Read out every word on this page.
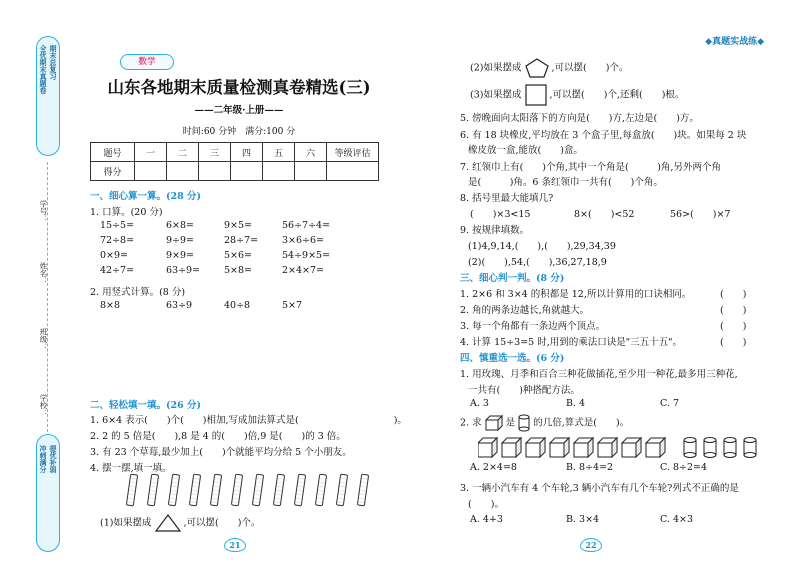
期末总复习
全优期末真题卷
学号：
姓名：
班级：
学校：
提优补弱
冲刺满分
◆真题实战练◆
数学
山东各地期末质量检测真卷精选(三)
——二年级·上册——
时间:60 分钟　满分:100 分
题号	一	二	三	四	五	六	等级评估
得分							
一、细心算一算。(28 分)
1. 口算。(20 分)
15÷5=	6×8=	9×5=	56÷7÷4=
72÷8=	9÷9=	28÷7=	3×6÷6=
0×9=	9×9=	5×6=	54÷9×5=
42÷7=	63÷9=	5×8=	2×4×7=
2. 用竖式计算。(8 分)
8×8	63÷9	40÷8	5×7
二、轻松填一填。(26 分)
1. 6×4 表示(　　)个(　　)相加,写成加法算式是(　　　　　　　　　　)。
2. 2 的 5 倍是(　　),8 是 4 的(　　)倍,9 是(　　)的 3 倍。
3. 有 23 个草莓,最少加上(　　)个就能平均分给 5 个小朋友。
4. 摆一摆,填一填。
(1)如果摆成	,可以摆(　　)个。
21
(2)如果摆成	,可以摆(　　)个。
(3)如果摆成	,可以摆(　　)个,还剩(　　)根。
5. 傍晚面向太阳落下的方向是(　　)方,左边是(　　)方。
6. 有 18 块橡皮,平均放在 3 个盒子里,每盒放(　　)块。如果每 2 块
橡皮放一盒,能放(　　)盒。
7. 红领巾上有(　　)个角,其中一个角是(　　　)角,另外两个角
是(　　　)角。6 条红领巾一共有(　　)个角。
8. 括号里最大能填几?
(　　)×3<15	8×(　　)<52	56>(　　)×7
9. 按规律填数。
(1)4,9,14,(　　),(　　),29,34,39
(2)(　　),54,(　　),36,27,18,9
三、细心判一判。(8 分)
1. 2×6 和 3×4 的积都是 12,所以计算用的口诀相同。	(　　)
2. 角的两条边越长,角就越大。	(　　)
3. 每一个角都有一条边两个顶点。	(　　)
4. 计算 15÷3=5 时,用到的乘法口诀是"三五十五"。	(　　)
四、慎重选一选。(6 分)
1. 用玫瑰、月季和百合三种花做插花,至少用一种花,最多用三种花,
一共有(　　)种搭配方法。
A. 3	B. 4	C. 7
2. 求	是 的几倍,算式是(　　)。
A. 2×4=8	B. 8÷4=2	C. 8÷2=4
3. 一辆小汽车有 4 个车轮,3 辆小汽车有几个车轮?列式不正确的是
(　　)。
A. 4+3	B. 3×4	C. 4×3
22
